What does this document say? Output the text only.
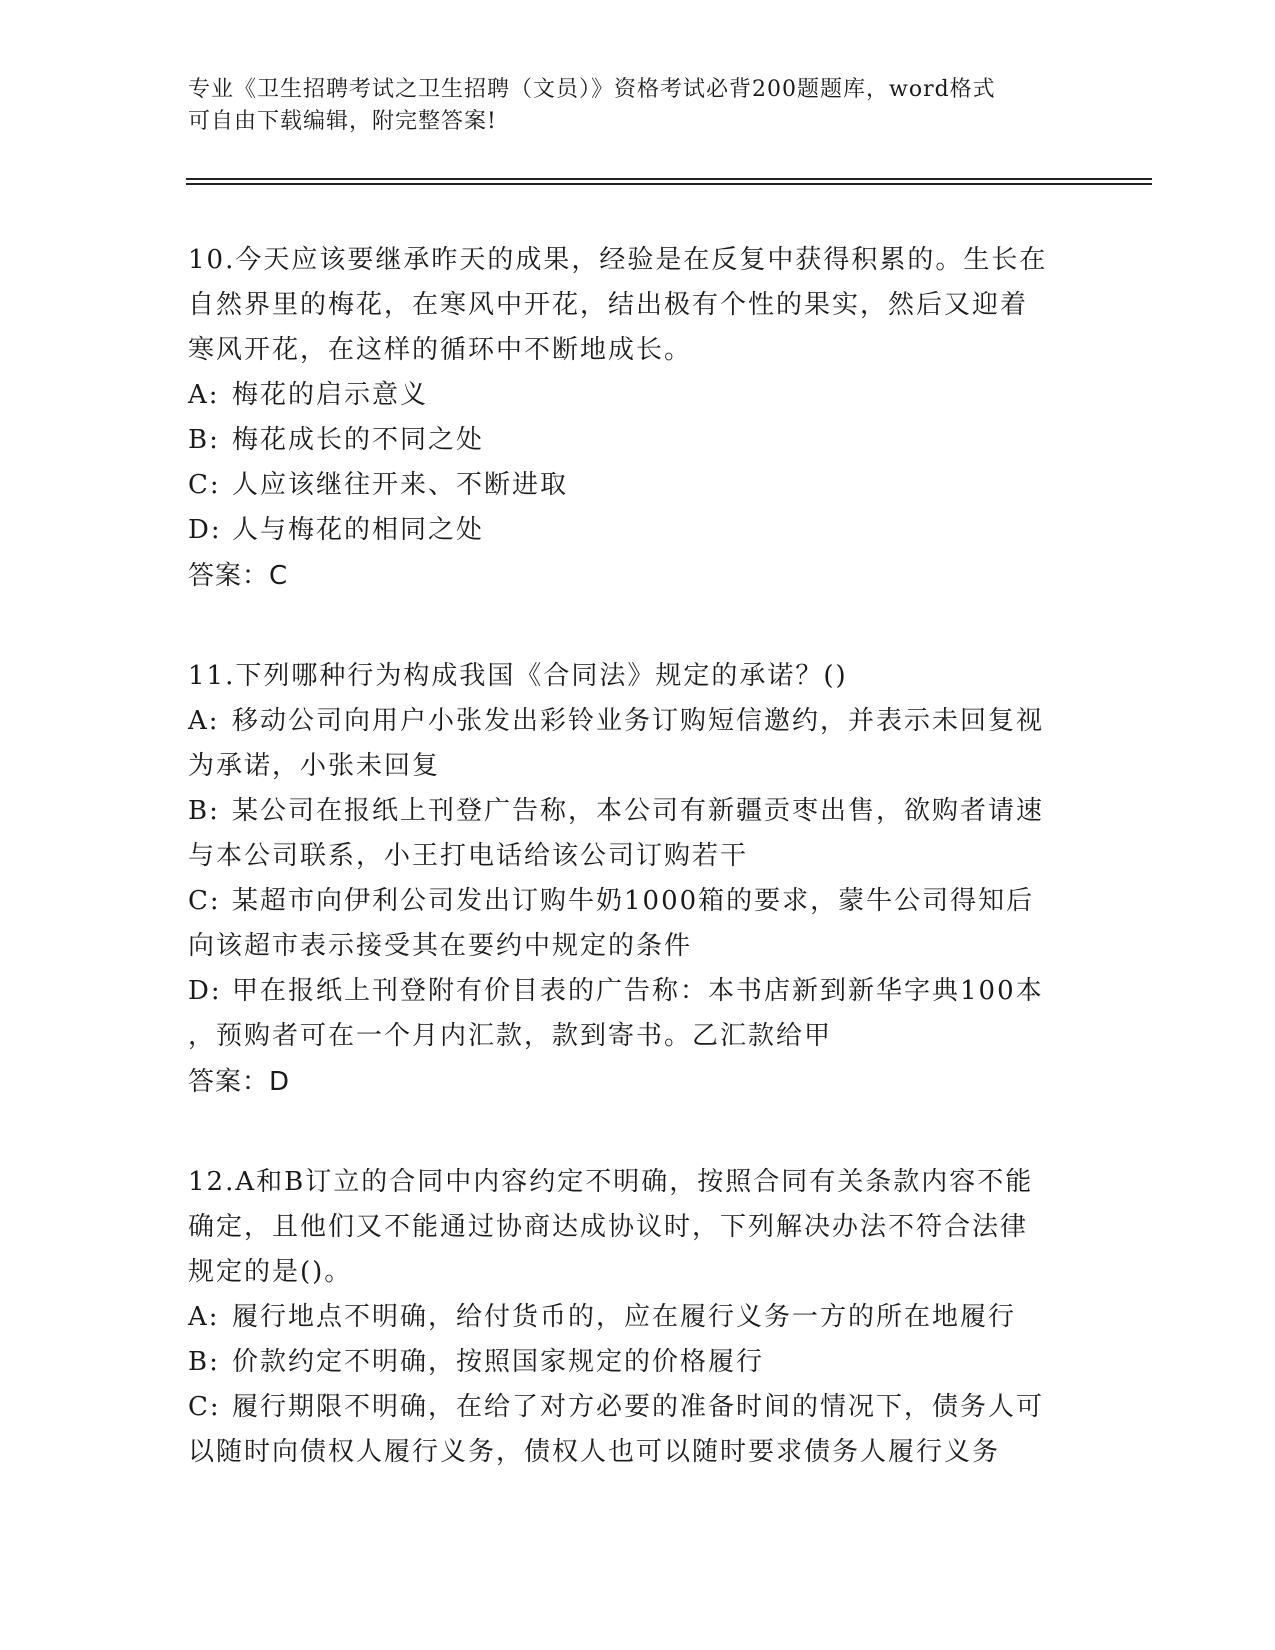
专业《卫生招聘考试之卫生招聘（文员）》资格考试必背200题题库，word格式
可自由下载编辑，附完整答案!

10.今天应该要继承昨天的成果，经验是在反复中获得积累的。生长在

自然界里的梅花，在寒风中开花，结出极有个性的果实，然后又迎着

寒风开花，在这样的循环中不断地成长。

A: 梅花的启示意义

B: 梅花成长的不同之处

C: 人应该继往开来、不断进取

D: 人与梅花的相同之处

答案：C

11.下列哪种行为构成我国《合同法》规定的承诺？()

A: 移动公司向用户小张发出彩铃业务订购短信邀约，并表示未回复视

为承诺，小张未回复

B: 某公司在报纸上刊登广告称，本公司有新疆贡枣出售，欲购者请速

与本公司联系，小王打电话给该公司订购若干

C: 某超市向伊利公司发出订购牛奶1000箱的要求，蒙牛公司得知后

向该超市表示接受其在要约中规定的条件

D: 甲在报纸上刊登附有价目表的广告称：本书店新到新华字典100本

，预购者可在一个月内汇款，款到寄书。乙汇款给甲

答案：D

12.A和B订立的合同中内容约定不明确，按照合同有关条款内容不能

确定，且他们又不能通过协商达成协议时，下列解决办法不符合法律

规定的是()。

A: 履行地点不明确，给付货币的，应在履行义务一方的所在地履行

B: 价款约定不明确，按照国家规定的价格履行

C: 履行期限不明确，在给了对方必要的准备时间的情况下，债务人可

以随时向债权人履行义务，债权人也可以随时要求债务人履行义务
